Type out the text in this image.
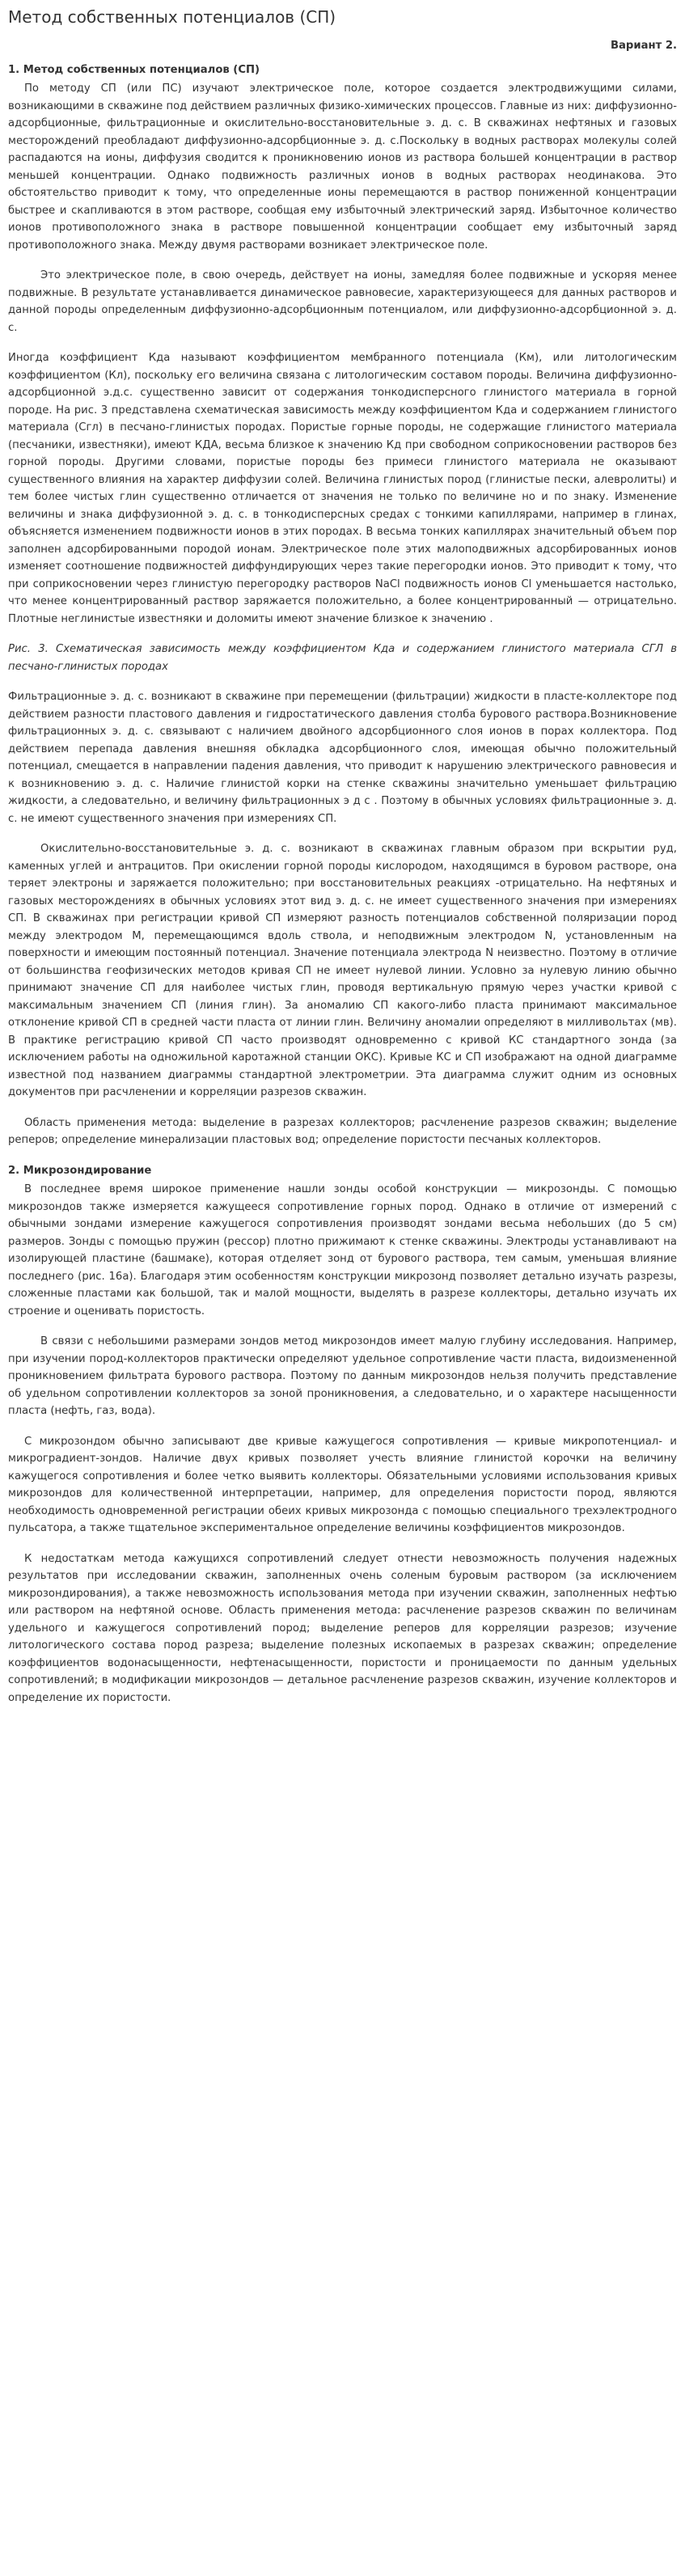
Метод собственных потенциалов (СП)
Вариант 2.
1. Метод собственных потенциалов (СП)

По методу СП (или ПС) изучают электрическое поле, которое создается электродвижущими силами, возникающими в скважине под действием различных физико-химических процессов. Главные из них: диффузионно-адсорбционные, фильтрационные и окислительно-восстановительные э. д. с. В скважинах нефтяных и газовых месторождений преобладают диффузионно-адсорбционные э. д. с.Поскольку в водных растворах молекулы солей распадаются на ионы, диффузия сводится к проникновению ионов из раствора большей концентрации в раствор меньшей концентрации. Однако подвижность различных ионов в водных растворах неодинакова. Это обстоятельство приводит к тому, что определенные ионы перемещаются в раствор пониженной концентрации быстрее и скапливаются в этом растворе, сообщая ему избыточный электрический заряд. Избыточное количество ионов противоположного знака в растворе повышенной концентрации сообщает ему избыточный заряд противоположного знака. Между двумя растворами возникает электрическое поле.

Это электрическое поле, в свою очередь, действует на ионы, замедляя более подвижные и ускоряя менее подвижные. В результате устанавливается динамическое равновесие, характеризующееся для данных растворов и данной породы определенным диффузионно-адсорбционным потенциалом, или диффузионно-адсорбционной э. д. с.

Иногда коэффициент Кда называют коэффициентом мембранного потенциала (Км), или литологическим коэффициентом (Кл), поскольку его величина связана с литологическим составом породы. Величина диффузионно-адсорбционной э.д.с. существенно зависит от содержания тонкодисперсного глинистого материала в горной породе. На рис. 3 представлена схематическая зависимость между коэффициентом Кда и содержанием глинистого материала (Сгл) в песчано-глинистых породах. Пористые горные породы, не содержащие глинистого материала (песчаники, известняки), имеют КДА, весьма близкое к значению Кд при свободном соприкосновении растворов без горной породы. Другими словами, пористые породы без примеси глинистого материала не оказывают существенного влияния на характер диффузии солей. Величина глинистых пород (глинистые пески, алевролиты) и тем более чистых глин существенно отличается от значения не только по величине но и по знаку. Изменение величины и знака диффузионной э. д. с. в тонкодисперсных средах с тонкими капиллярами, например в глинах, объясняется изменением подвижности ионов в этих породах. В весьма тонких капиллярах значительный объем пор заполнен адсорбированными породой ионам. Электрическое поле этих малоподвижных адсорбированных ионов изменяет соотношение подвижностей диффундирующих через такие перегородки ионов. Это приводит к тому, что при соприкосновении через глинистую перегородку растворов NaCl подвижность ионов Cl уменьшается настолько, что менее концентрированный раствор заряжается положительно, а более концентрированный — отрицательно. Плотные неглинистые известняки и доломиты имеют значение близкое к значению .

Рис. 3. Схематическая зависимость между коэффициентом Кда и содержанием глинистого материала СГЛ в песчано-глинистых породах

Фильтрационные э. д. с. возникают в скважине при перемещении (фильтрации) жидкости в пласте-коллекторе под действием разности пластового давления и гидростатического давления столба бурового раствора.Возникновение фильтрационных э. д. с. связывают с наличием двойного адсорбционного слоя ионов в порах коллектора. Под действием перепада давления внешняя обкладка адсорбционного слоя, имеющая обычно положительный потенциал, смещается в направлении падения давления, что приводит к нарушению электрического равновесия и к возникновению э. д. с. Наличие глинистой корки на стенке скважины значительно уменьшает фильтрацию жидкости, а следовательно, и величину фильтрационных э д с . Поэтому в обычных условиях фильтрационные э. д. с. не имеют существенного значения при измерениях СП.

Окислительно-восстановительные э. д. с. возникают в скважинах главным образом при вскрытии руд, каменных углей и антрацитов. При окислении горной породы кислородом, находящимся в буровом растворе, она теряет электроны и заряжается положительно; при восстановительных реакциях -отрицательно. На нефтяных и газовых месторождениях в обычных условиях этот вид э. д. с. не имеет существенного значения при измерениях СП. В скважинах при регистрации кривой СП измеряют разность потенциалов собственной поляризации пород между электродом М, перемещающимся вдоль ствола, и неподвижным электродом N, установленным на поверхности и имеющим постоянный потенциал. Значение потенциала электрода N неизвестно. Поэтому в отличие от большинства геофизических методов кривая СП не имеет нулевой линии. Условно за нулевую линию обычно принимают значение СП для наиболее чистых глин, проводя вертикальную прямую через участки кривой с максимальным значением СП (линия глин). За аномалию СП какого-либо пласта принимают максимальное отклонение кривой СП в средней части пласта от линии глин. Величину аномалии определяют в милливольтах (мв). В практике регистрацию кривой СП часто производят одновременно с кривой КС стандартного зонда (за исключением работы на одножильной каротажной станции ОКС). Кривые КС и СП изображают на одной диаграмме известной под названием диаграммы стандартной электрометрии. Эта диаграмма служит одним из основных документов при расчленении и корреляции разрезов скважин.

Область применения метода: выделение в разрезах коллекторов; расчленение разрезов скважин; выделение реперов; определение минерализации пластовых вод; определение пористости песчаных коллекторов.

2. Микрозондирование

В последнее время широкое применение нашли зонды особой конструкции — микрозонды. С помощью микрозондов также измеряется кажущееся сопротивление горных пород. Однако в отличие от измерений с обычными зондами измерение кажущегося сопротивления производят зондами весьма небольших (до 5 см) размеров. Зонды с помощью пружин (рессор) плотно прижимают к стенке скважины. Электроды устанавливают на изолирующей пластине (башмаке), которая отделяет зонд от бурового раствора, тем самым, уменьшая влияние последнего (рис. 16а). Благодаря этим особенностям конструкции микрозонд позволяет детально изучать разрезы, сложенные пластами как большой, так и малой мощности, выделять в разрезе коллекторы, детально изучать их строение и оценивать пористость.

В связи с небольшими размерами зондов метод микрозондов имеет малую глубину исследования. Например, при изучении пород-коллекторов практически определяют удельное сопротивление части пласта, видоизмененной проникновением фильтрата бурового раствора. Поэтому по данным микрозондов нельзя получить представление об удельном сопротивлении коллекторов за зоной проникновения, а следовательно, и о характере насыщенности пласта (нефть, газ, вода).

С микрозондом обычно записывают две кривые кажущегося сопротивления — кривые микропотенциал- и микроградиент-зондов. Наличие двух кривых позволяет учесть влияние глинистой корочки на величину кажущегося сопротивления и более четко выявить коллекторы. Обязательными условиями использования кривых микрозондов для количественной интерпретации, например, для определения пористости пород, являются необходимость одновременной регистрации обеих кривых микрозонда с помощью специального трехэлектродного пульсатора, а также тщательное экспериментальное определение величины коэффициентов микрозондов.

К недостаткам метода кажущихся сопротивлений следует отнести невозможность получения надежных результатов при исследовании скважин, заполненных очень соленым буровым раствором (за исключением микрозондирования), а также невозможность использования метода при изучении скважин, заполненных нефтью или раствором на нефтяной основе. Область применения метода: расчленение разрезов скважин по величинам удельного и кажущегося сопротивлений пород; выделение реперов для корреляции разрезов; изучение литологического состава пород разреза; выделение полезных ископаемых в разрезах скважин; определение коэффициентов водонасыщенности, нефтенасыщенности, пористости и проницаемости по данным удельных сопротивлений; в модификации микрозондов — детальное расчленение разрезов скважин, изучение коллекторов и определение их пористости.
